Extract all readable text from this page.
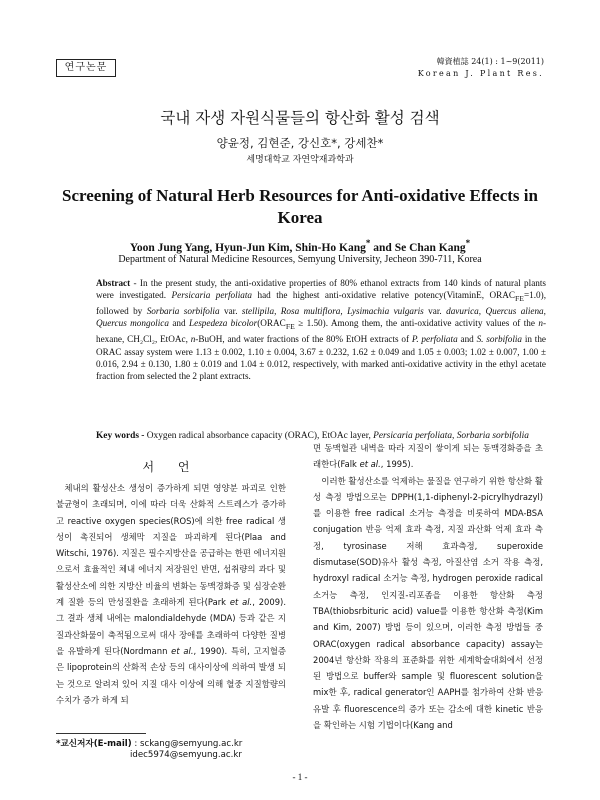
연구논문
韓資植誌 24(1) : 1~9(2011)
Korean J. Plant Res.
국내 자생 자원식물들의 항산화 활성 검색
양윤정, 김현준, 강신호*, 강세찬*
세명대학교 자연약재과학과
Screening of Natural Herb Resources for Anti-oxidative Effects in Korea
Yoon Jung Yang, Hyun-Jun Kim, Shin-Ho Kang* and Se Chan Kang*
Department of Natural Medicine Resources, Semyung University, Jecheon 390-711, Korea
Abstract - In the present study, the anti-oxidative properties of 80% ethanol extracts from 140 kinds of natural plants were investigated. Persicaria perfoliata had the highest anti-oxidative relative potency(VitaminE, $ORAC_{FE}=1.0$), followed by Sorbaria sorbifolia var. stellipila, Rosa multiflora, Lysimachia vulgaris var. davurica, Quercus aliena, Quercus mongolica and Lespedeza $bicolor(ORAC_{FE} \ge 1.50)$. Among them, the anti-oxidative activity values of the n-hexane, CH₂Cl₂, EtOAc, n-BuOH, and water fractions of the 80% EtOH extracts of P. perfoliata and S. sorbifolia in the ORAC assay system were 1.13 ± 0.002, 1.10 ± 0.004, 3.67 ± 0.232, 1.62 ± 0.049 and 1.05 ± 0.003; 1.02 ± 0.007, 1.00 ± 0.016, 2.94 ± 0.130, 1.80 ± 0.019 and 1.04 ± 0.012, respectively, with marked anti-oxidative activity in the ethyl acetate fraction from selected the 2 plant extracts.
Key words - Oxygen radical absorbance capacity (ORAC), EtOAc layer, Persicaria perfoliata, Sorbaria sorbifolia
서 언

체내의 활성산소 생성이 증가하게 되면 영양분 파괴로 인한 불균형이 초래되며, 이에 따라 더욱 산화적 스트레스가 증가하고 reactive oxygen species(ROS)에 의한 free radical 생성이 촉진되어 생체막 지질을 파괴하게 된다(Plaa and Witschi, 1976). 지질은 필수지방산을 공급하는 한편 에너지원으로서 효율적인 체내 에너지 저장원인 반면, 섭취량의 과다 및 활성산소에 의한 지방산 비율의 변화는 동맥경화증 및 심장순환계 질환 등의 만성질환을 초래하게 된다(Park et al., 2009). 그 결과 생체 내에는 malondialdehyde (MDA) 등과 같은 지질과산화물이 축적됨으로써 대사 장애를 초래하여 다양한 질병을 유발하게 된다(Nordmann et al., 1990). 특히, 고지혈증은 lipoprotein의 산화적 손상 등의 대사이상에 의하여 발생 되는 것으로 알려져 있어 지질 대사 이상에 의해 혈중 지질함량의 수치가 증가 하게 되

면 동맥혈관 내벽을 따라 지질이 쌓이게 되는 동맥경화증을 초래한다(Falk et al., 1995).

이러한 활성산소를 억제하는 물질을 연구하기 위한 항산화 활성 측정 방법으로는 DPPH(1,1-diphenyl-2-picrylhydrazyl)를 이용한 free radical 소거능 측정을 비롯하여 MDA-BSA conjugation 반응 억제 효과 측정, 지질 과산화 억제 효과 측정, tyrosinase 저해 효과측정, superoxide dismutase(SOD)유사 활성 측정, 아질산염 소거 작용 측정, hydroxyl radical 소거능 측정, hydrogen peroxide radical 소거능 측정, 인지질-리포좀을 이용한 항산화 측정 TBA(thiobsrbituric acid) value를 이용한 항산화 측정(Kim and Kim, 2007) 방법 등이 있으며, 이러한 측정 방법들 중 ORAC(oxygen radical absorbance capacity) assay는 2004년 항산화 작용의 표준화를 위한 세계학술대회에서 선정된 방법으로 buffer와 sample 및 fluorescent solution을 mix한 후, radical generator인 AAPH를 첨가하여 산화 반응 유발 후 fluorescence의 증가 또는 감소에 대한 kinetic 반응을 확인하는 시험 기법이다(Kang and

*교신저자(E-mail) : sckang@semyung.ac.kr
idec5974@semyung.ac.kr
- 1 -
